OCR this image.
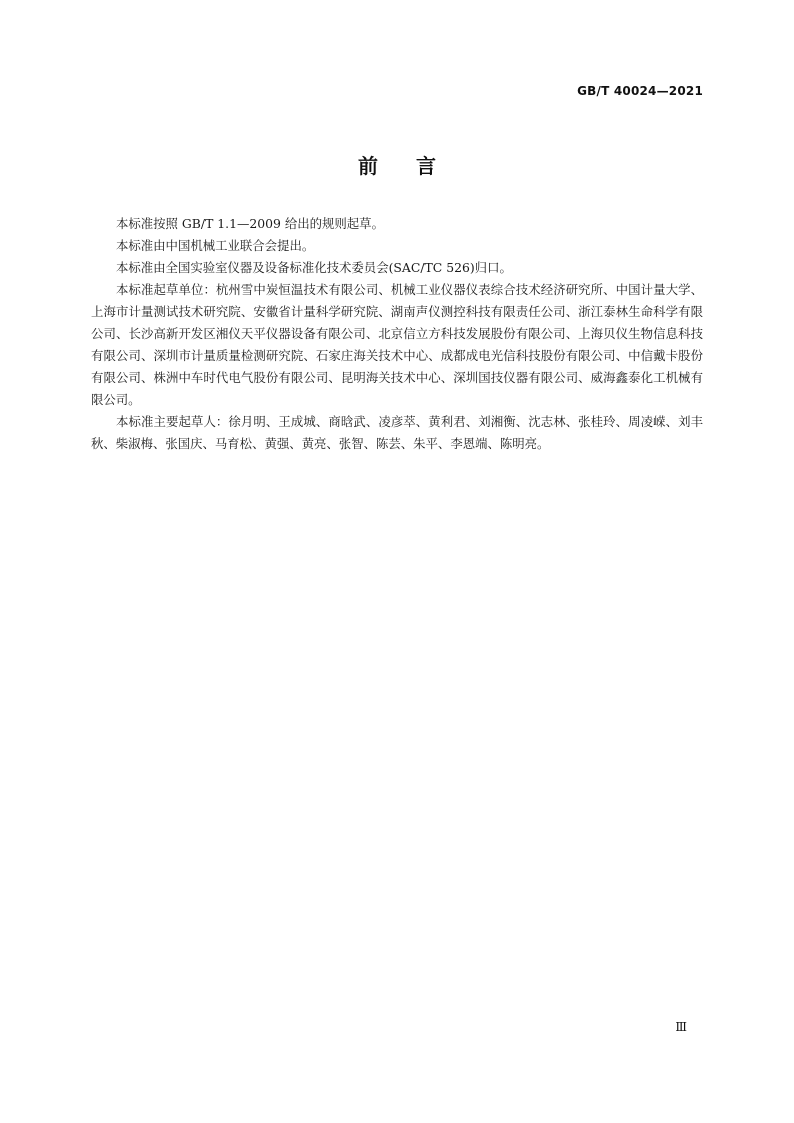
GB/T 40024—2021
前言

本标准按照 GB/T 1.1—2009 给出的规则起草。

本标准由中国机械工业联合会提出。

本标准由全国实验室仪器及设备标准化技术委员会(SAC/TC 526)归口。

本标准起草单位：杭州雪中炭恒温技术有限公司、机械工业仪器仪表综合技术经济研究所、中国计量大学、上海市计量测试技术研究院、安徽省计量科学研究院、湖南声仪测控科技有限责任公司、浙江泰林生命科学有限公司、长沙高新开发区湘仪天平仪器设备有限公司、北京信立方科技发展股份有限公司、上海贝仪生物信息科技有限公司、深圳市计量质量检测研究院、石家庄海关技术中心、成都成电光信科技股份有限公司、中信戴卡股份有限公司、株洲中车时代电气股份有限公司、昆明海关技术中心、深圳国技仪器有限公司、威海鑫泰化工机械有限公司。

本标准主要起草人：徐月明、王成城、商晗武、凌彦萃、黄利君、刘湘衡、沈志林、张桂玲、周凌嵘、刘丰秋、柴淑梅、张国庆、马育松、黄强、黄亮、张智、陈芸、朱平、李恩端、陈明亮。

Ⅲ
